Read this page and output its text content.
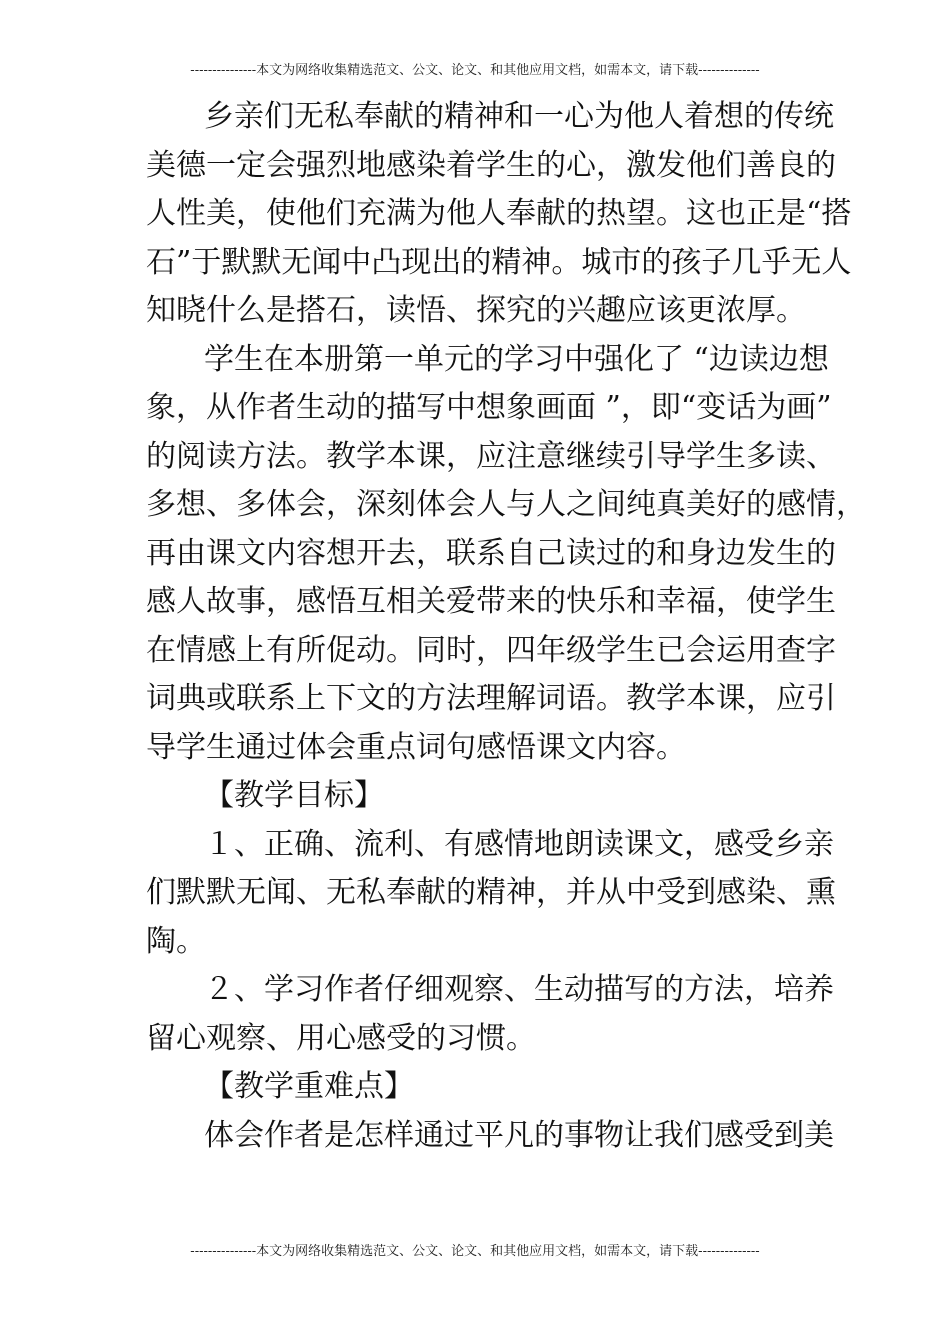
---------------本文为网络收集精选范文、公文、论文、和其他应用文档，如需本文，请下载--------------
乡亲们无私奉献的精神和一心为他人着想的传统
美德一定会强烈地感染着学生的心，激发他们善良的
人性美，使他们充满为他人奉献的热望。这也正是“搭
石”于默默无闻中凸现出的精神。城市的孩子几乎无人
知晓什么是搭石，读悟、探究的兴趣应该更浓厚。
学生在本册第一单元的学习中强化了 “边读边想
象，从作者生动的描写中想象画面 ”，即“变话为画”
的阅读方法。教学本课，应注意继续引导学生多读、
多想、多体会，深刻体会人与人之间纯真美好的感情，
再由课文内容想开去，联系自己读过的和身边发生的
感人故事，感悟互相关爱带来的快乐和幸福，使学生
在情感上有所促动。同时，四年级学生已会运用查字
词典或联系上下文的方法理解词语。教学本课，应引
导学生通过体会重点词句感悟课文内容。
【教学目标】
１、正确、流利、有感情地朗读课文，感受乡亲
们默默无闻、无私奉献的精神，并从中受到感染、熏
陶。
２、学习作者仔细观察、生动描写的方法，培养
留心观察、用心感受的习惯。
【教学重难点】
体会作者是怎样通过平凡的事物让我们感受到美
---------------本文为网络收集精选范文、公文、论文、和其他应用文档，如需本文，请下载--------------
